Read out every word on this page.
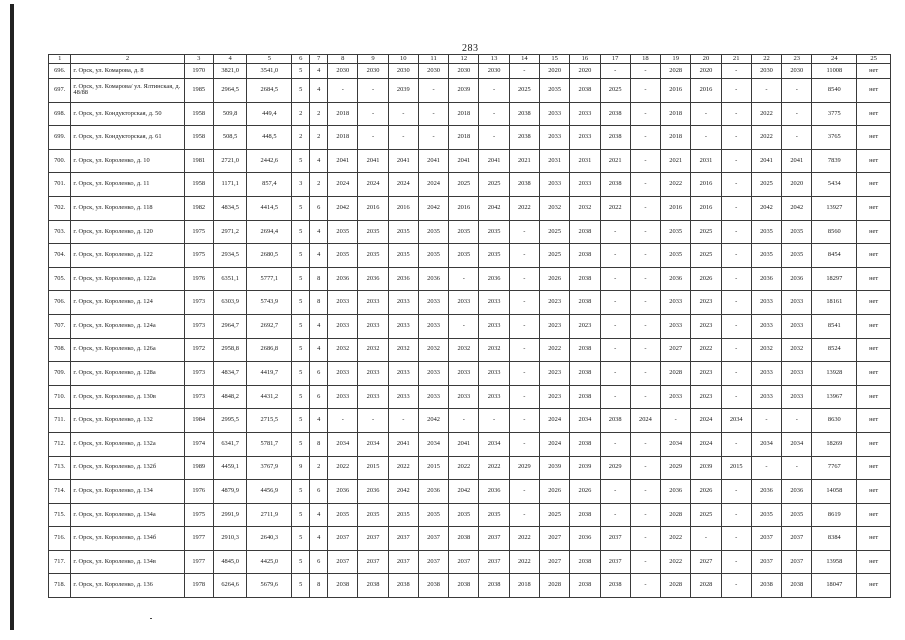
283
1	2	3	4	5	6	7	8	9	10	11	12	13	14	15	16	17	18	19	20	21	22	23	24	25
696.	г. Орск, ул. Комарова, д. 8	1970	3821,0	3541,0	5	4	2030	2030	2030	2030	2030	2030	-	2020	2020	-	-	2028	2020	-	2030	2030	11008	нет
697.	г. Орск, ул. Комарова/ ул. Ялтинская, д. 48/88	1985	2964,5	2684,5	5	4	-	-	2039	-	2039	-	2025	2035	2038	2025	-	2016	2016	-	-	-	8540	нет
698.	г. Орск, ул. Кондукторская, д. 50	1958	509,8	449,4	2	2	2018	-	-	-	2018	-	2038	2033	2033	2038	-	2018	-	-	2022	-	3775	нет
699.	г. Орск, ул. Кондукторская, д. 61	1958	508,5	448,5	2	2	2018	-	-	-	2018	-	2038	2033	2033	2038	-	2018	-	-	2022	-	3765	нет
700.	г. Орск, ул. Короленко, д. 10	1981	2721,0	2442,6	5	4	2041	2041	2041	2041	2041	2041	2021	2031	2031	2021	-	2021	2031	-	2041	2041	7839	нет
701.	г. Орск, ул. Короленко, д. 11	1958	1171,1	857,4	3	2	2024	2024	2024	2024	2025	2025	2038	2033	2033	2038	-	2022	2016	-	2025	2020	5434	нет
702.	г. Орск, ул. Короленко, д. 118	1982	4834,5	4414,5	5	6	2042	2016	2016	2042	2016	2042	2022	2032	2032	2022	-	2016	2016	-	2042	2042	13927	нет
703.	г. Орск, ул. Короленко, д. 120	1975	2971,2	2694,4	5	4	2035	2035	2035	2035	2035	2035	-	2025	2038	-	-	2035	2025	-	2035	2035	8560	нет
704.	г. Орск, ул. Короленко, д. 122	1975	2934,5	2680,5	5	4	2035	2035	2035	2035	2035	2035	-	2025	2038	-	-	2035	2025	-	2035	2035	8454	нет
705.	г. Орск, ул. Короленко, д. 122а	1976	6351,1	5777,1	5	8	2036	2036	2036	2036	-	2036	-	2026	2038	-	-	2036	2026	-	2036	2036	18297	нет
706.	г. Орск, ул. Короленко, д. 124	1973	6303,9	5743,9	5	8	2033	2033	2033	2033	2033	2033	-	2023	2038	-	-	2033	2023	-	2033	2033	18161	нет
707.	г. Орск, ул. Короленко, д. 124а	1973	2964,7	2692,7	5	4	2033	2033	2033	2033	-	2033	-	2023	2023	-	-	2033	2023	-	2033	2033	8541	нет
708.	г. Орск, ул. Короленко, д. 126а	1972	2958,8	2686,8	5	4	2032	2032	2032	2032	2032	2032	-	2022	2038	-	-	2027	2022	-	2032	2032	8524	нет
709.	г. Орск, ул. Короленко, д. 128а	1973	4834,7	4419,7	5	6	2033	2033	2033	2033	2033	2033	-	2023	2038	-	-	2028	2023	-	2033	2033	13928	нет
710.	г. Орск, ул. Короленко, д. 130в	1973	4848,2	4431,2	5	6	2033	2033	2033	2033	2033	2033	-	2023	2038	-	-	2033	2023	-	2033	2033	13967	нет
711.	г. Орск, ул. Короленко, д. 132	1984	2995,5	2715,5	5	4	-	-	-	2042	-	-	-	2024	2034	2038	2024	-	2024	2034	-	-	8630	нет
712.	г. Орск, ул. Короленко, д. 132а	1974	6341,7	5781,7	5	8	2034	2034	2041	2034	2041	2034	-	2024	2038	-	-	2034	2024	-	2034	2034	18269	нет
713.	г. Орск, ул. Короленко, д. 132б	1989	4459,1	3767,9	9	2	2022	2015	2022	2015	2022	2022	2029	2039	2039	2029	-	2029	2039	2015	-	-	7767	нет
714.	г. Орск, ул. Короленко, д. 134	1976	4879,9	4456,9	5	6	2036	2036	2042	2036	2042	2036	-	2026	2026	-	-	2036	2026	-	2036	2036	14058	нет
715.	г. Орск, ул. Короленко, д. 134а	1975	2991,9	2711,9	5	4	2035	2035	2035	2035	2035	2035	-	2025	2038	-	-	2028	2025	-	2035	2035	8619	нет
716.	г. Орск, ул. Короленко, д. 134б	1977	2910,3	2640,3	5	4	2037	2037	2037	2037	2038	2037	2022	2027	2036	2037	-	2022	-	-	2037	2037	8384	нет
717.	г. Орск, ул. Короленко, д. 134в	1977	4845,0	4425,0	5	6	2037	2037	2037	2037	2037	2037	2022	2027	2038	2037	-	2022	2027	-	2037	2037	13958	нет
718.	г. Орск, ул. Короленко, д. 136	1978	6264,6	5679,6	5	8	2038	2038	2038	2038	2038	2038	2018	2028	2038	2038	-	2028	2028	-	2038	2038	18047	нет
